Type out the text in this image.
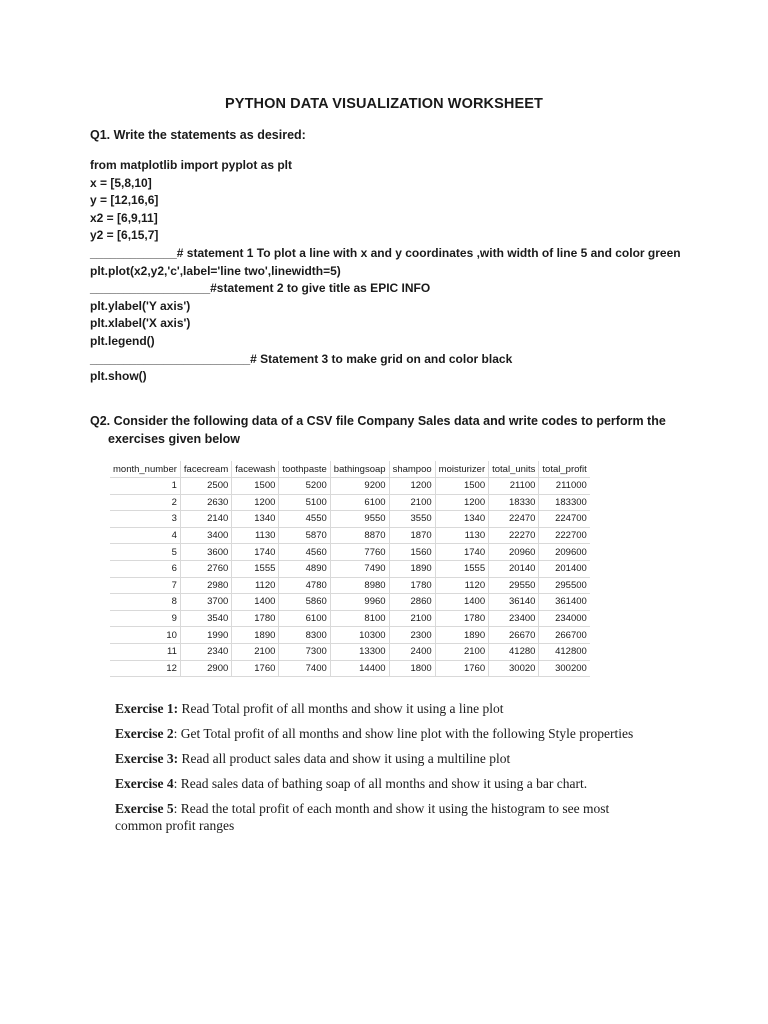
PYTHON DATA VISUALIZATION WORKSHEET
Q1. Write the statements as desired:
from matplotlib import pyplot as plt
x = [5,8,10]
y = [12,16,6]
x2 = [6,9,11]
y2 = [6,15,7]
_____________# statement 1 To plot a line with x and y coordinates ,with width of line 5 and color green
plt.plot(x2,y2,'c',label='line two',linewidth=5)
__________________#statement 2 to give title as EPIC INFO
plt.ylabel('Y axis')
plt.xlabel('X axis')
plt.legend()
________________________# Statement 3 to make grid on and color black
plt.show()
Q2. Consider the following data of a CSV file Company Sales data and write codes to perform the
exercises given below
month_number	facecream	facewash	toothpaste	bathingsoap	shampoo	moisturizer	total_units	total_profit
1	2500	1500	5200	9200	1200	1500	21100	211000
2	2630	1200	5100	6100	2100	1200	18330	183300
3	2140	1340	4550	9550	3550	1340	22470	224700
4	3400	1130	5870	8870	1870	1130	22270	222700
5	3600	1740	4560	7760	1560	1740	20960	209600
6	2760	1555	4890	7490	1890	1555	20140	201400
7	2980	1120	4780	8980	1780	1120	29550	295500
8	3700	1400	5860	9960	2860	1400	36140	361400
9	3540	1780	6100	8100	2100	1780	23400	234000
10	1990	1890	8300	10300	2300	1890	26670	266700
11	2340	2100	7300	13300	2400	2100	41280	412800
12	2900	1760	7400	14400	1800	1760	30020	300200
Exercise 1: Read Total profit of all months and show it using a line plot
Exercise 2: Get Total profit of all months and show line plot with the following Style properties
Exercise 3: Read all product sales data and show it using a multiline plot
Exercise 4: Read sales data of bathing soap of all months and show it using a bar chart.
Exercise 5: Read the total profit of each month and show it using the histogram to see most common profit ranges
